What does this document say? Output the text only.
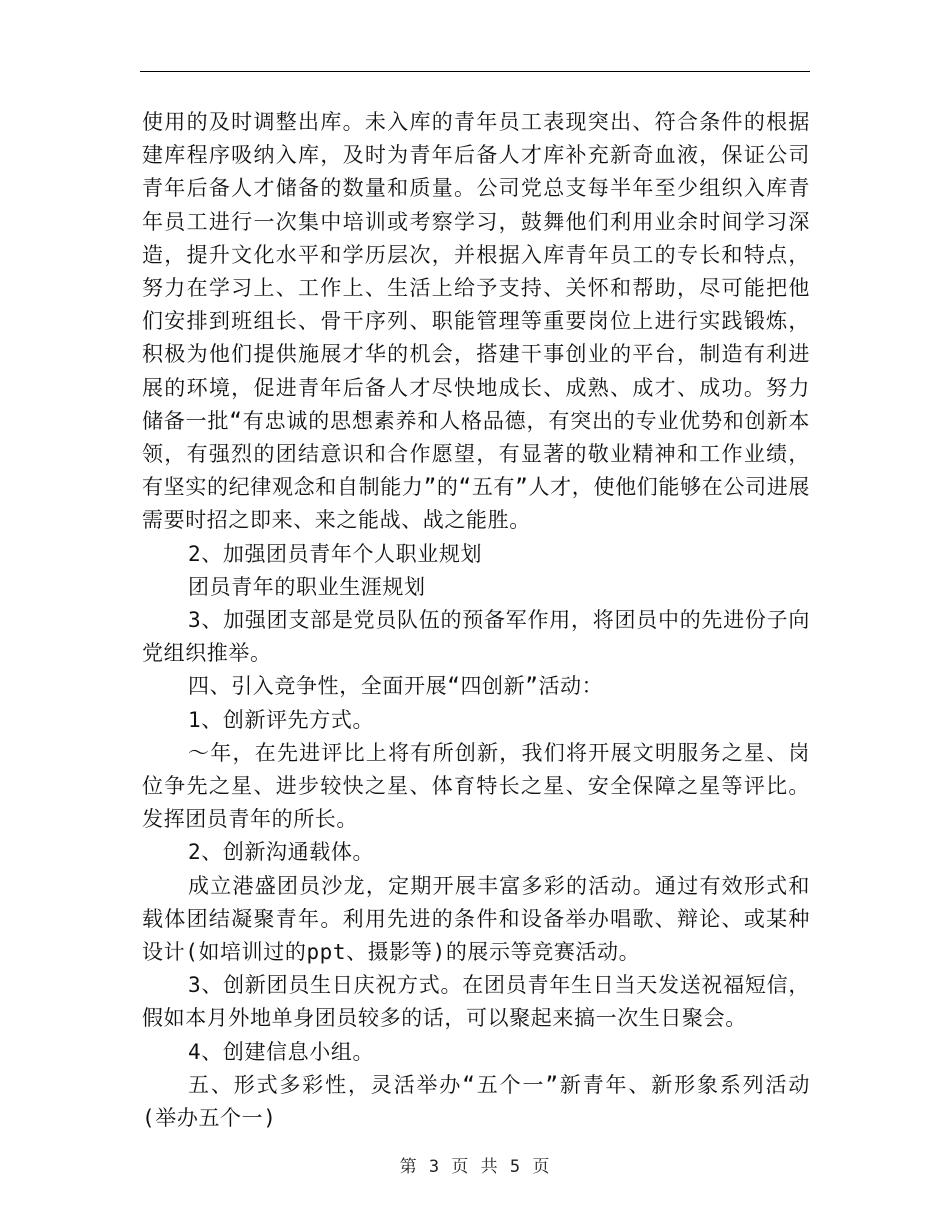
使用的及时调整出库。未入库的青年员工表现突出、符合条件的根据建库程序吸纳入库，及时为青年后备人才库补充新奇血液，保证公司青年后备人才储备的数量和质量。公司党总支每半年至少组织入库青年员工进行一次集中培训或考察学习，鼓舞他们利用业余时间学习深造，提升文化水平和学历层次，并根据入库青年员工的专长和特点，努力在学习上、工作上、生活上给予支持、关怀和帮助，尽可能把他们安排到班组长、骨干序列、职能管理等重要岗位上进行实践锻炼，积极为他们提供施展才华的机会，搭建干事创业的平台，制造有利进展的环境，促进青年后备人才尽快地成长、成熟、成才、成功。努力储备一批“有忠诚的思想素养和人格品德，有突出的专业优势和创新本领，有强烈的团结意识和合作愿望，有显著的敬业精神和工作业绩，有坚实的纪律观念和自制能力”的“五有”人才，使他们能够在公司进展需要时招之即来、来之能战、战之能胜。

2、加强团员青年个人职业规划

团员青年的职业生涯规划

3、加强团支部是党员队伍的预备军作用，将团员中的先进份子向党组织推举。

四、引入竞争性，全面开展“四创新”活动：

1、创新评先方式。

～年，在先进评比上将有所创新，我们将开展文明服务之星、岗位争先之星、进步较快之星、体育特长之星、安全保障之星等评比。发挥团员青年的所长。

2、创新沟通载体。

成立港盛团员沙龙，定期开展丰富多彩的活动。通过有效形式和载体团结凝聚青年。利用先进的条件和设备举办唱歌、辩论、或某种设计(如培训过的ppt、摄影等)的展示等竞赛活动。

3、创新团员生日庆祝方式。在团员青年生日当天发送祝福短信，假如本月外地单身团员较多的话，可以聚起来搞一次生日聚会。

4、创建信息小组。

五、形式多彩性，灵活举办“五个一”新青年、新形象系列活动(举办五个一)

第 3 页 共 5 页
